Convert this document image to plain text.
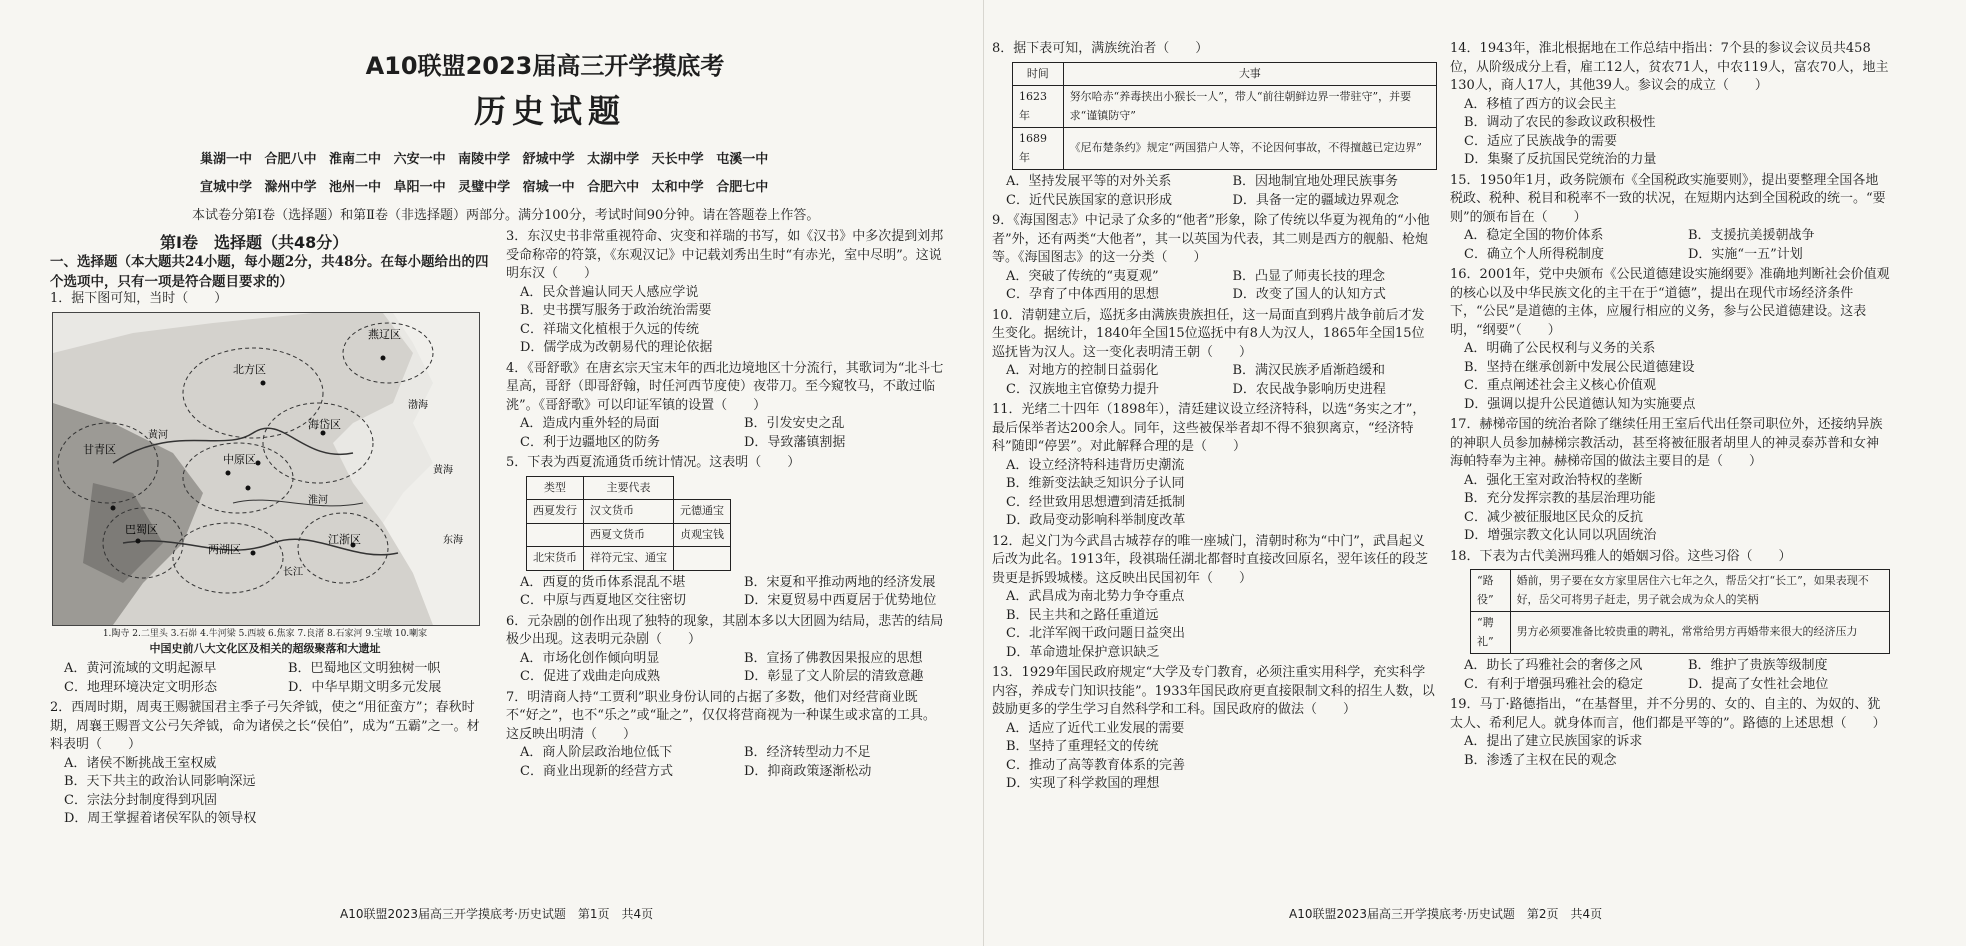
A10联盟2023届高三开学摸底考
历史试题
巢湖一中 合肥八中 淮南二中 六安一中 南陵中学 舒城中学 太湖中学 天长中学 屯溪一中
宣城中学 滁州中学 池州一中 阜阳一中 灵璧中学 宿城一中 合肥六中 太和中学 合肥七中
本试卷分第Ⅰ卷（选择题）和第Ⅱ卷（非选择题）两部分。满分100分，考试时间90分钟。请在答题卷上作答。
第Ⅰ卷　选择题（共48分）
一、选择题（本大题共24小题，每小题2分，共48分。在每小题给出的四个选项中，只有一项是符合题目要求的）
燕辽区
北方区
海岱区
中原区
江浙区
甘青区
巴蜀区
两湖区
黄河
淮河
长江
渤海
黄海
东海
1.陶寺 2.二里头 3.石峁 4.牛河梁 5.西坡 6.焦家 7.良渚 8.石家河 9.宝墩 10.喇家
中国史前八大文化区及相关的超级聚落和大遗址
1．据下图可知，当时（　　）
A．黄河流域的文明起源早	B．巴蜀地区文明独树一帜
C．地理环境决定文明形态	D．中华早期文明多元发展
2．西周时期，周夷王赐虢国君主季子弓矢斧钺，使之“用征蛮方”；春秋时期，周襄王赐晋文公弓矢斧钺，命为诸侯之长“侯伯”，成为“五霸”之一。材料表明（　　）
A．诸侯不断挑战王室权威
B．天下共主的政治认同影响深远
C．宗法分封制度得到巩固
D．周王掌握着诸侯军队的领导权
3．东汉史书非常重视符命、灾变和祥瑞的书写，如《汉书》中多次提到刘邦受命称帝的符箓，《东观汉记》中记载刘秀出生时“有赤光，室中尽明”。这说明东汉（　　）
A．民众普遍认同天人感应学说
B．史书撰写服务于政治统治需要
C．祥瑞文化植根于久远的传统
D．儒学成为改朝易代的理论依据
4．《哥舒歌》在唐玄宗天宝末年的西北边境地区十分流行，其歌词为“北斗七星高，哥舒（即哥舒翰，时任河西节度使）夜带刀。至今窥牧马，不敢过临洮”。《哥舒歌》可以印证军镇的设置（　　）
A．造成内重外轻的局面	B．引发安史之乱
C．利于边疆地区的防务	D．导致藩镇割据
5．下表为西夏流通货币统计情况。这表明（　　）
类型	主要代表	
西夏发行	汉文货币	元德通宝
	西夏文货币	贞观宝钱
北宋货币	祥符元宝、通宝	
A．西夏的货币体系混乱不堪	B．宋夏和平推动两地的经济发展
C．中原与西夏地区交往密切	D．宋夏贸易中西夏居于优势地位
6．元杂剧的创作出现了独特的现象，其剧本多以大团圆为结局，悲苦的结局极少出现。这表明元杂剧（　　）
A．市场化创作倾向明显	B．宣扬了佛教因果报应的思想
C．促进了戏曲走向成熟	D．彰显了文人阶层的清致意趣
7．明清商人持“工贾利”职业身份认同的占据了多数，他们对经营商业既不“好之”，也不“乐之”或“耻之”，仅仅将营商视为一种谋生或求富的工具。这反映出明清（　　）
A．商人阶层政治地位低下	B．经济转型动力不足
C．商业出现新的经营方式	D．抑商政策逐渐松动
A10联盟2023届高三开学摸底考·历史试题　第1页　共4页
8．据下表可知，满族统治者（　　）
时间	大事
1623年	努尔哈赤“养毒挟出小猴长一人”，带人“前往朝鲜边界一带驻守”，并要求“谨镇防守”
1689年	《尼布楚条约》规定“两国猎户人等，不论因何事故，不得擅越已定边界”
A．坚持发展平等的对外关系	B．因地制宜地处理民族事务
C．近代民族国家的意识形成	D．具备一定的疆域边界观念
9．《海国图志》中记录了众多的“他者”形象，除了传统以华夏为视角的“小他者”外，还有两类“大他者”，其一以英国为代表，其二则是西方的舰船、枪炮等。《海国图志》的这一分类（　　）
A．突破了传统的“夷夏观”	B．凸显了师夷长技的理念
C．孕育了中体西用的思想	D．改变了国人的认知方式
10．清朝建立后，巡抚多由满族贵族担任，这一局面直到鸦片战争前后才发生变化。据统计，1840年全国15位巡抚中有8人为汉人，1865年全国15位巡抚皆为汉人。这一变化表明清王朝（　　）
A．对地方的控制日益弱化	B．满汉民族矛盾渐趋缓和
C．汉族地主官僚势力提升	D．农民战争影响历史进程
11．光绪二十四年（1898年），清廷建议设立经济特科，以选“务实之才”，最后保举者达200余人。同年，这些被保举者却不得不狼狈离京，“经济特科”随即“停罢”。对此解释合理的是（　　）
A．设立经济特科违背历史潮流
B．维新变法缺乏知识分子认同
C．经世致用思想遭到清廷抵制
D．政局变动影响科举制度改革
12．起义门为今武昌古城荐存的唯一座城门，清朝时称为“中门”，武昌起义后改为此名。1913年，段祺瑞任湖北都督时直接改回原名，翌年该任的段芝贵更是拆毁城楼。这反映出民国初年（　　）
A．武昌成为南北势力争夺重点
B．民主共和之路任重道远
C．北洋军阀干政问题日益突出
D．革命遗址保护意识缺乏
13．1929年国民政府规定“大学及专门教育，必须注重实用科学，充实科学内容，养成专门知识技能”。1933年国民政府更直接限制文科的招生人数，以鼓励更多的学生学习自然科学和工科。国民政府的做法（　　）
A．适应了近代工业发展的需要
B．坚持了重理轻文的传统
C．推动了高等教育体系的完善
D．实现了科学救国的理想
14．1943年，淮北根据地在工作总结中指出：7个县的参议会议员共458位，从阶级成分上看，雇工12人，贫农71人，中农119人，富农70人，地主130人，商人17人，其他39人。参议会的成立（　　）
A．移植了西方的议会民主
B．调动了农民的参政议政积极性
C．适应了民族战争的需要
D．集聚了反抗国民党统治的力量
15．1950年1月，政务院颁布《全国税政实施要则》，提出要整理全国各地税政、税种、税目和税率不一致的状况，在短期内达到全国税政的统一。“要则”的颁布旨在（　　）
A．稳定全国的物价体系	B．支援抗美援朝战争
C．确立个人所得税制度	D．实施“一五”计划
16．2001年，党中央颁布《公民道德建设实施纲要》准确地判断社会价值观的核心以及中华民族文化的主干在于“道德”，提出在现代市场经济条件下，“公民”是道德的主体，应履行相应的义务，参与公民道德建设。这表明，“纲要”（　　）
A．明确了公民权利与义务的关系
B．坚持在继承创新中发展公民道德建设
C．重点阐述社会主义核心价值观
D．强调以提升公民道德认知为实施要点
17．赫梯帝国的统治者除了继续任用王室后代出任祭司职位外，还接纳异族的神职人员参加赫梯宗教活动，甚至将被征服者胡里人的神灵泰苏普和女神海帕特奉为主神。赫梯帝国的做法主要目的是（　　）
A．强化王室对政治特权的垄断
B．充分发挥宗教的基层治理功能
C．减少被征服地区民众的反抗
D．增强宗教文化认同以巩固统治
18．下表为古代美洲玛雅人的婚姻习俗。这些习俗（　　）
“路役”	婚前，男子要在女方家里居住六七年之久，帮岳父打“长工”，如果表现不好，岳父可将男子赶走，男子就会成为众人的笑柄
“聘礼”	男方必须要准备比较贵重的聘礼，常常给男方再婚带来很大的经济压力
A．助长了玛雅社会的奢侈之风	B．维护了贵族等级制度
C．有利于增强玛雅社会的稳定	D．提高了女性社会地位
19．马丁·路德指出，“在基督里，并不分男的、女的、自主的、为奴的、犹太人、希利尼人。就身体而言，他们都是平等的”。路德的上述思想（　　）
A．提出了建立民族国家的诉求
B．渗透了主权在民的观念
A10联盟2023届高三开学摸底考·历史试题　第2页　共4页
